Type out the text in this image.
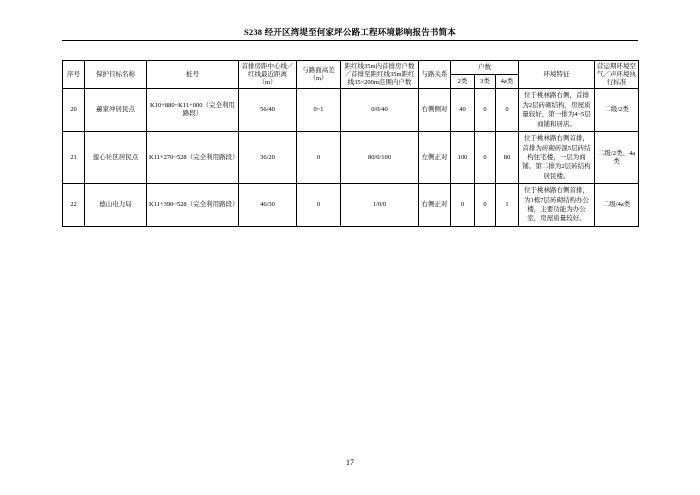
S238 经开区湾堤至何家坪公路工程环境影响报告书简本
序号	保护目标名称	桩号	首排房距中心线／红线最近距离（m）	与路面高差（m）	距红线35m内首排房户数／首排至距红线35m距红线35~200m范围内户数	与路关系	户数			环境特征	营运期环境空气／声环境执行标准
							2类	3类	4a类		
20	蕙家冲居民点	K10+880~K11+000（完全利用路段）	56/40	0~1	0/0/40	右侧侧对	40	0	0	位于桃林路右侧，首排为2层砖砌结构，房屋质量较好，第一排为4~5层商铺和居店。	二级/2类
21	莲心社区居民点	K11+270~528（完全利用路段）	36/20	0	80/0/100	左侧正对	100	0	80	位于桃林路右侧首排，首排为砖砌砖混5层砖结构住宅楼，一层为商铺。第二排为2层砖结构居民楼。	二级/2类、4a类
22	德山电力局	K11+390~528（完全利用路段）	46/30	0	1/0/0	右侧正对	0	0	1	位于桃林路右侧首排，为1栋7层砖砌结构办公楼，主要功能为办公室，房屋质量较好。	二级/4a类
17
